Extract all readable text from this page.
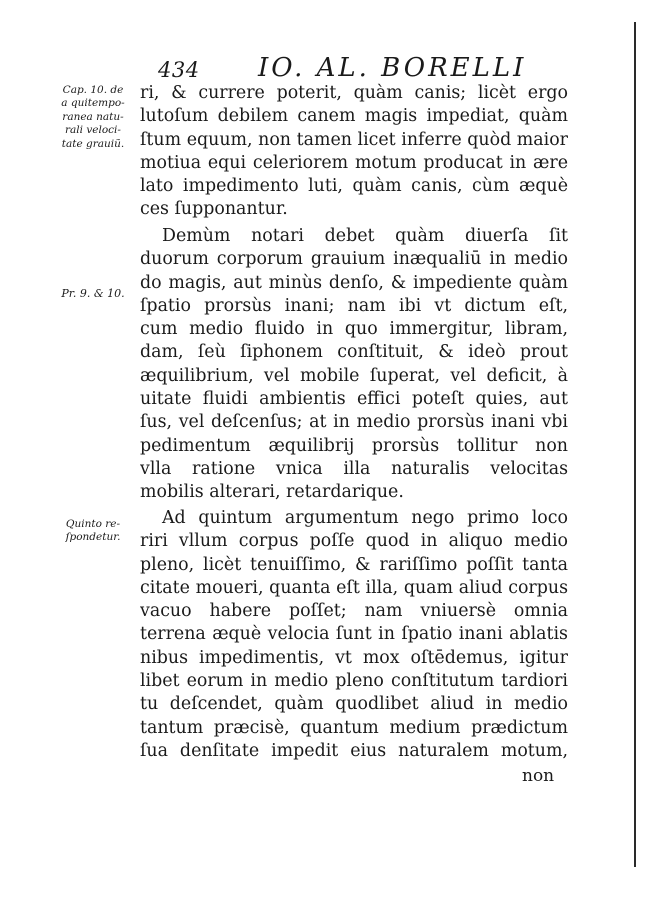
434 IO. AL. BORELLI
Cap. 10. de
a quitempo-
ranea natu-
rali veloci-
tate grauiũ.
Pr. 9. & 10.
Quinto re-
ſpondetur.
ri, & currere poterit, quàm canis; licèt ergo
lutoſum debilem canem magis impediat, quàm
ſtum equum, non tamen licet inferre quòd maior
motiua equi celeriorem motum producat in ære
lato impedimento luti, quàm canis, cùm æquè
ces ſupponantur.
Demùm notari debet quàm diuerſa ſit
duorum corporum grauium inæqualiū in medio
do magis, aut minùs denſo, & impediente quàm
ſpatio prorsùs inani; nam ibi vt dictum eſt,
cum medio fluido in quo immergitur, libram,
dam, ſeù ſiphonem conſtituit, & ideò prout
æquilibrium, vel mobile ſuperat, vel deficit, à
uitate fluidi ambientis effici poteſt quies, aut
ſus, vel deſcenſus; at in medio prorsùs inani vbi
pedimentum æquilibrij prorsùs tollitur non
vlla ratione vnica illa naturalis velocitas
mobilis alterari, retardarique.
Ad quintum argumentum nego primo loco
riri vllum corpus poſſe quod in aliquo medio
pleno, licèt tenuiſſimo, & rariſſimo poſſit tanta
citate moueri, quanta eſt illa, quam aliud corpus
vacuo habere poſſet; nam vniuersè omnia
terrena æquè velocia ſunt in ſpatio inani ablatis
nibus impedimentis, vt mox oſtēdemus, igitur
libet eorum in medio pleno conſtitutum tardiori
tu deſcendet, quàm quodlibet aliud in medio
tantum præcisè, quantum medium prædictum
ſua denſitate impedit eius naturalem motum,
non
